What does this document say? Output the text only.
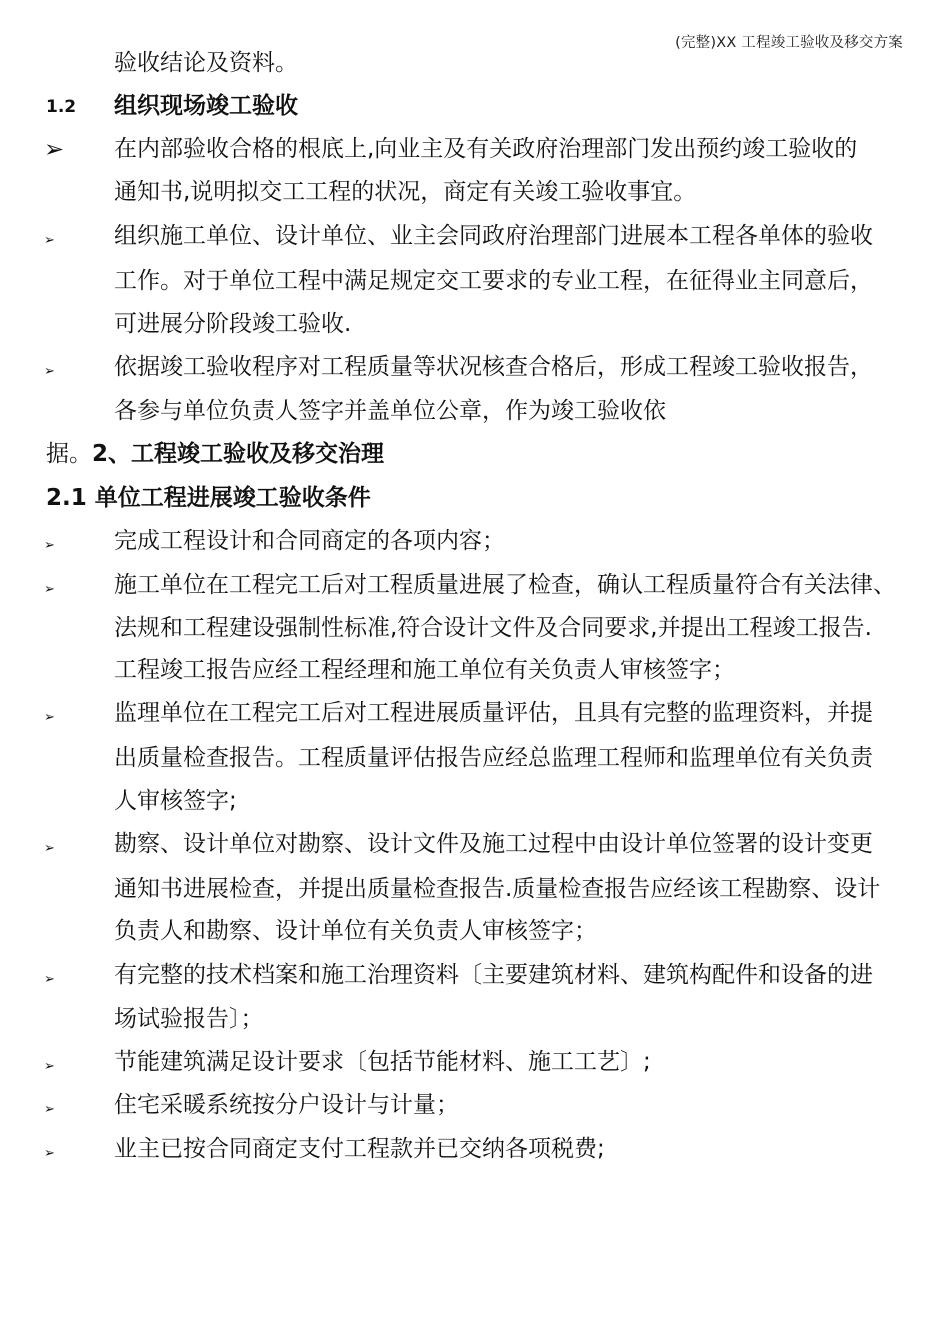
(完整)XX 工程竣工验收及移交方案
验收结论及资料。
1.2 组织现场竣工验收
➢ 在内部验收合格的根底上,向业主及有关政府治理部门发出预约竣工验收的
通知书,说明拟交工工程的状况，商定有关竣工验收事宜。
➢	组织施工单位、设计单位、业主会同政府治理部门进展本工程各单体的验收
工作。对于单位工程中满足规定交工要求的专业工程，在征得业主同意后，
可进展分阶段竣工验收.
➢	依据竣工验收程序对工程质量等状况核查合格后，形成工程竣工验收报告，
各参与单位负责人签字并盖单位公章，作为竣工验收依
据。2、工程竣工验收及移交治理
2.1 单位工程进展竣工验收条件
➢	完成工程设计和合同商定的各项内容；
➢	施工单位在工程完工后对工程质量进展了检查，确认工程质量符合有关法律、
法规和工程建设强制性标准,符合设计文件及合同要求,并提出工程竣工报告.
工程竣工报告应经工程经理和施工单位有关负责人审核签字；
➢	监理单位在工程完工后对工程进展质量评估，且具有完整的监理资料，并提
出质量检查报告。工程质量评估报告应经总监理工程师和监理单位有关负责
人审核签字;
➢	勘察、设计单位对勘察、设计文件及施工过程中由设计单位签署的设计变更
通知书进展检查，并提出质量检查报告.质量检查报告应经该工程勘察、设计
负责人和勘察、设计单位有关负责人审核签字；
➢	有完整的技术档案和施工治理资料〔主要建筑材料、建筑构配件和设备的进
场试验报告〕；
➢	节能建筑满足设计要求〔包括节能材料、施工工艺〕;
➢	住宅采暖系统按分户设计与计量；
➢	业主已按合同商定支付工程款并已交纳各项税费;
